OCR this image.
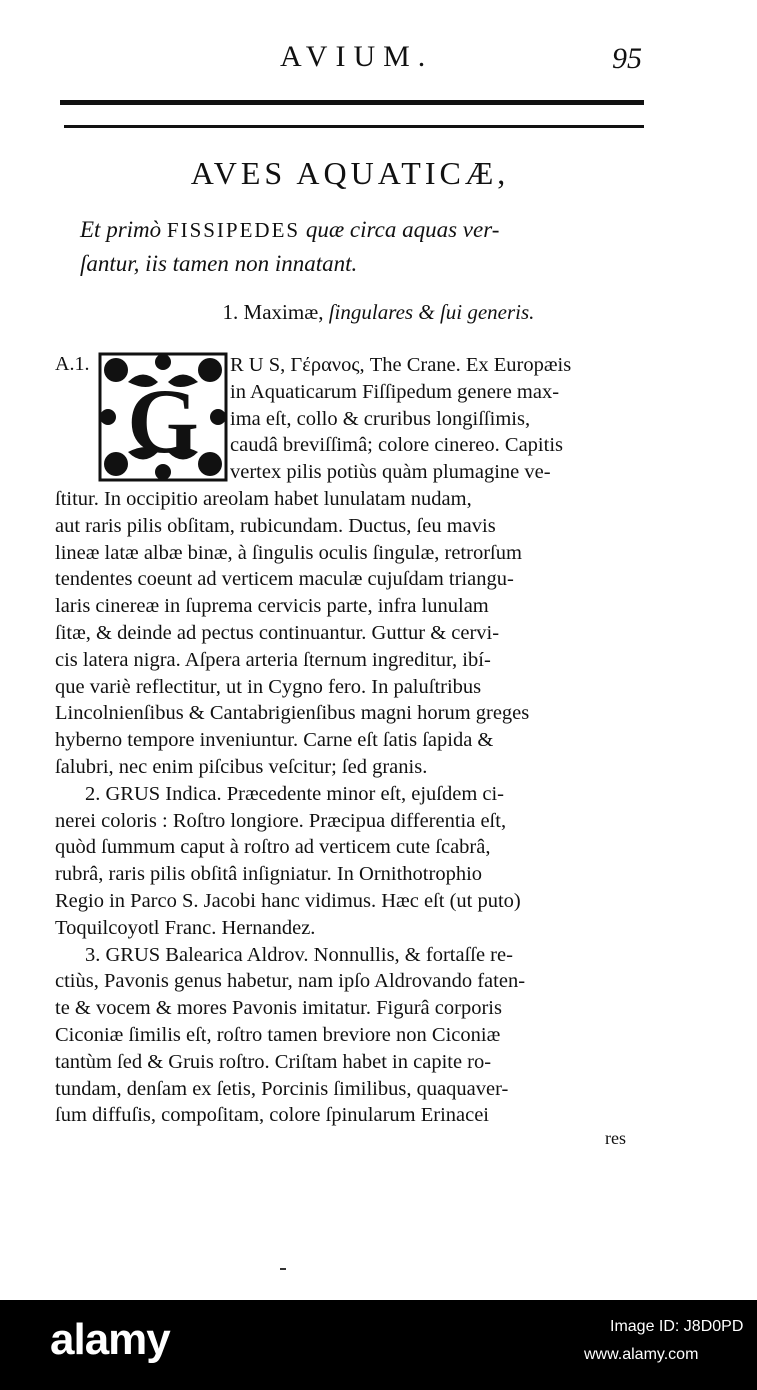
AVIUM.	95
AVES AQUATICÆ,
Et primò FISSIPEDES quæ circa aquas ver-
ſantur, iis tamen non innatant.
1. Maximæ, ſingulares & ſui generis.
A.1.
G
R U S, Γέρανος, The Crane. Ex Europæis
in Aquaticarum Fiſſipedum genere max-
ima eſt, collo & cruribus longiſſimis,
caudâ breviſſimâ; colore cinereo. Capitis
vertex pilis potiùs quàm plumagine ve-
ſtitur. In occipitio areolam habet lunulatam nudam,
aut raris pilis obſitam, rubicundam. Ductus, ſeu mavis
lineæ latæ albæ binæ, à ſingulis oculis ſingulæ, retrorſum
tendentes coeunt ad verticem maculæ cujuſdam triangu-
laris cinereæ in ſuprema cervicis parte, infra lunulam
ſitæ, & deinde ad pectus continuantur. Guttur & cervi-
cis latera nigra. Aſpera arteria ſternum ingreditur, ibí-
que variè reflectitur, ut in Cygno fero. In paluſtribus
Lincolnienſibus & Cantabrigienſibus magni horum greges
hyberno tempore inveniuntur. Carne eſt ſatis ſapida &
ſalubri, nec enim piſcibus veſcitur; ſed granis.
2. GRUS Indica. Præcedente minor eſt, ejuſdem ci-
nerei coloris : Roſtro longiore. Præcipua differentia eſt,
quòd ſummum caput à roſtro ad verticem cute ſcabrâ,
rubrâ, raris pilis obſitâ inſigniatur. In Ornithotrophio
Regio in Parco S. Jacobi hanc vidimus. Hæc eſt (ut puto)
Toquilcoyotl Franc. Hernandez.
3. GRUS Balearica Aldrov. Nonnullis, & fortaſſe re-
ctiùs, Pavonis genus habetur, nam ipſo Aldrovando faten-
te & vocem & mores Pavonis imitatur. Figurâ corporis
Ciconiæ ſimilis eſt, roſtro tamen breviore non Ciconiæ
tantùm ſed & Gruis roſtro. Criſtam habet in capite ro-
tundam, denſam ex ſetis, Porcinis ſimilibus, quaquaver-
ſum diffuſis, compoſitam, colore ſpinularum Erinacei
res
alamy	Image ID: J8D0PD
www.alamy.com
